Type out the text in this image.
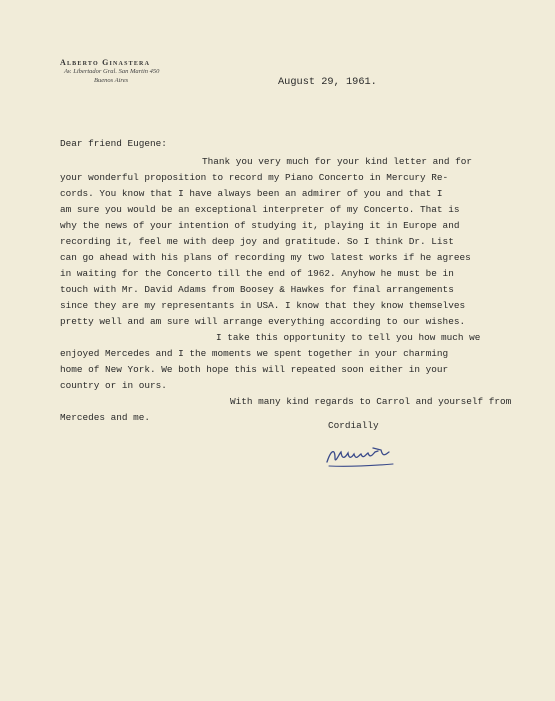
Alberto Ginastera
Av. Libertador Gral. San Martin 450
Buenos Aires	August 29, 1961.
Dear friend Eugene:
Thank you very much for your kind letter and for
your wonderful proposition to record my Piano Concerto in Mercury Re-
cords. You know that I have always been an admirer of you and that I
am sure you would be an exceptional interpreter of my Concerto. That is
why the news of your intention of studying it, playing it in Europe and
recording it, feel me with deep joy and gratitude. So I think Dr. List
can go ahead with his plans of recording my two latest works if he agrees
in waiting for the Concerto till the end of 1962. Anyhow he must be in
touch with Mr. David Adams from Boosey & Hawkes for final arrangements
since they are my representants in USA. I know that they know themselves
pretty well and am sure will arrange everything according to our wishes.
I take this opportunity to tell you how much we
enjoyed Mercedes and I the moments we spent together in your charming
home of New York. We both hope this will repeated soon either in your
country or in ours.
With many kind regards to Carrol and yourself from
Mercedes and me.
Cordially
